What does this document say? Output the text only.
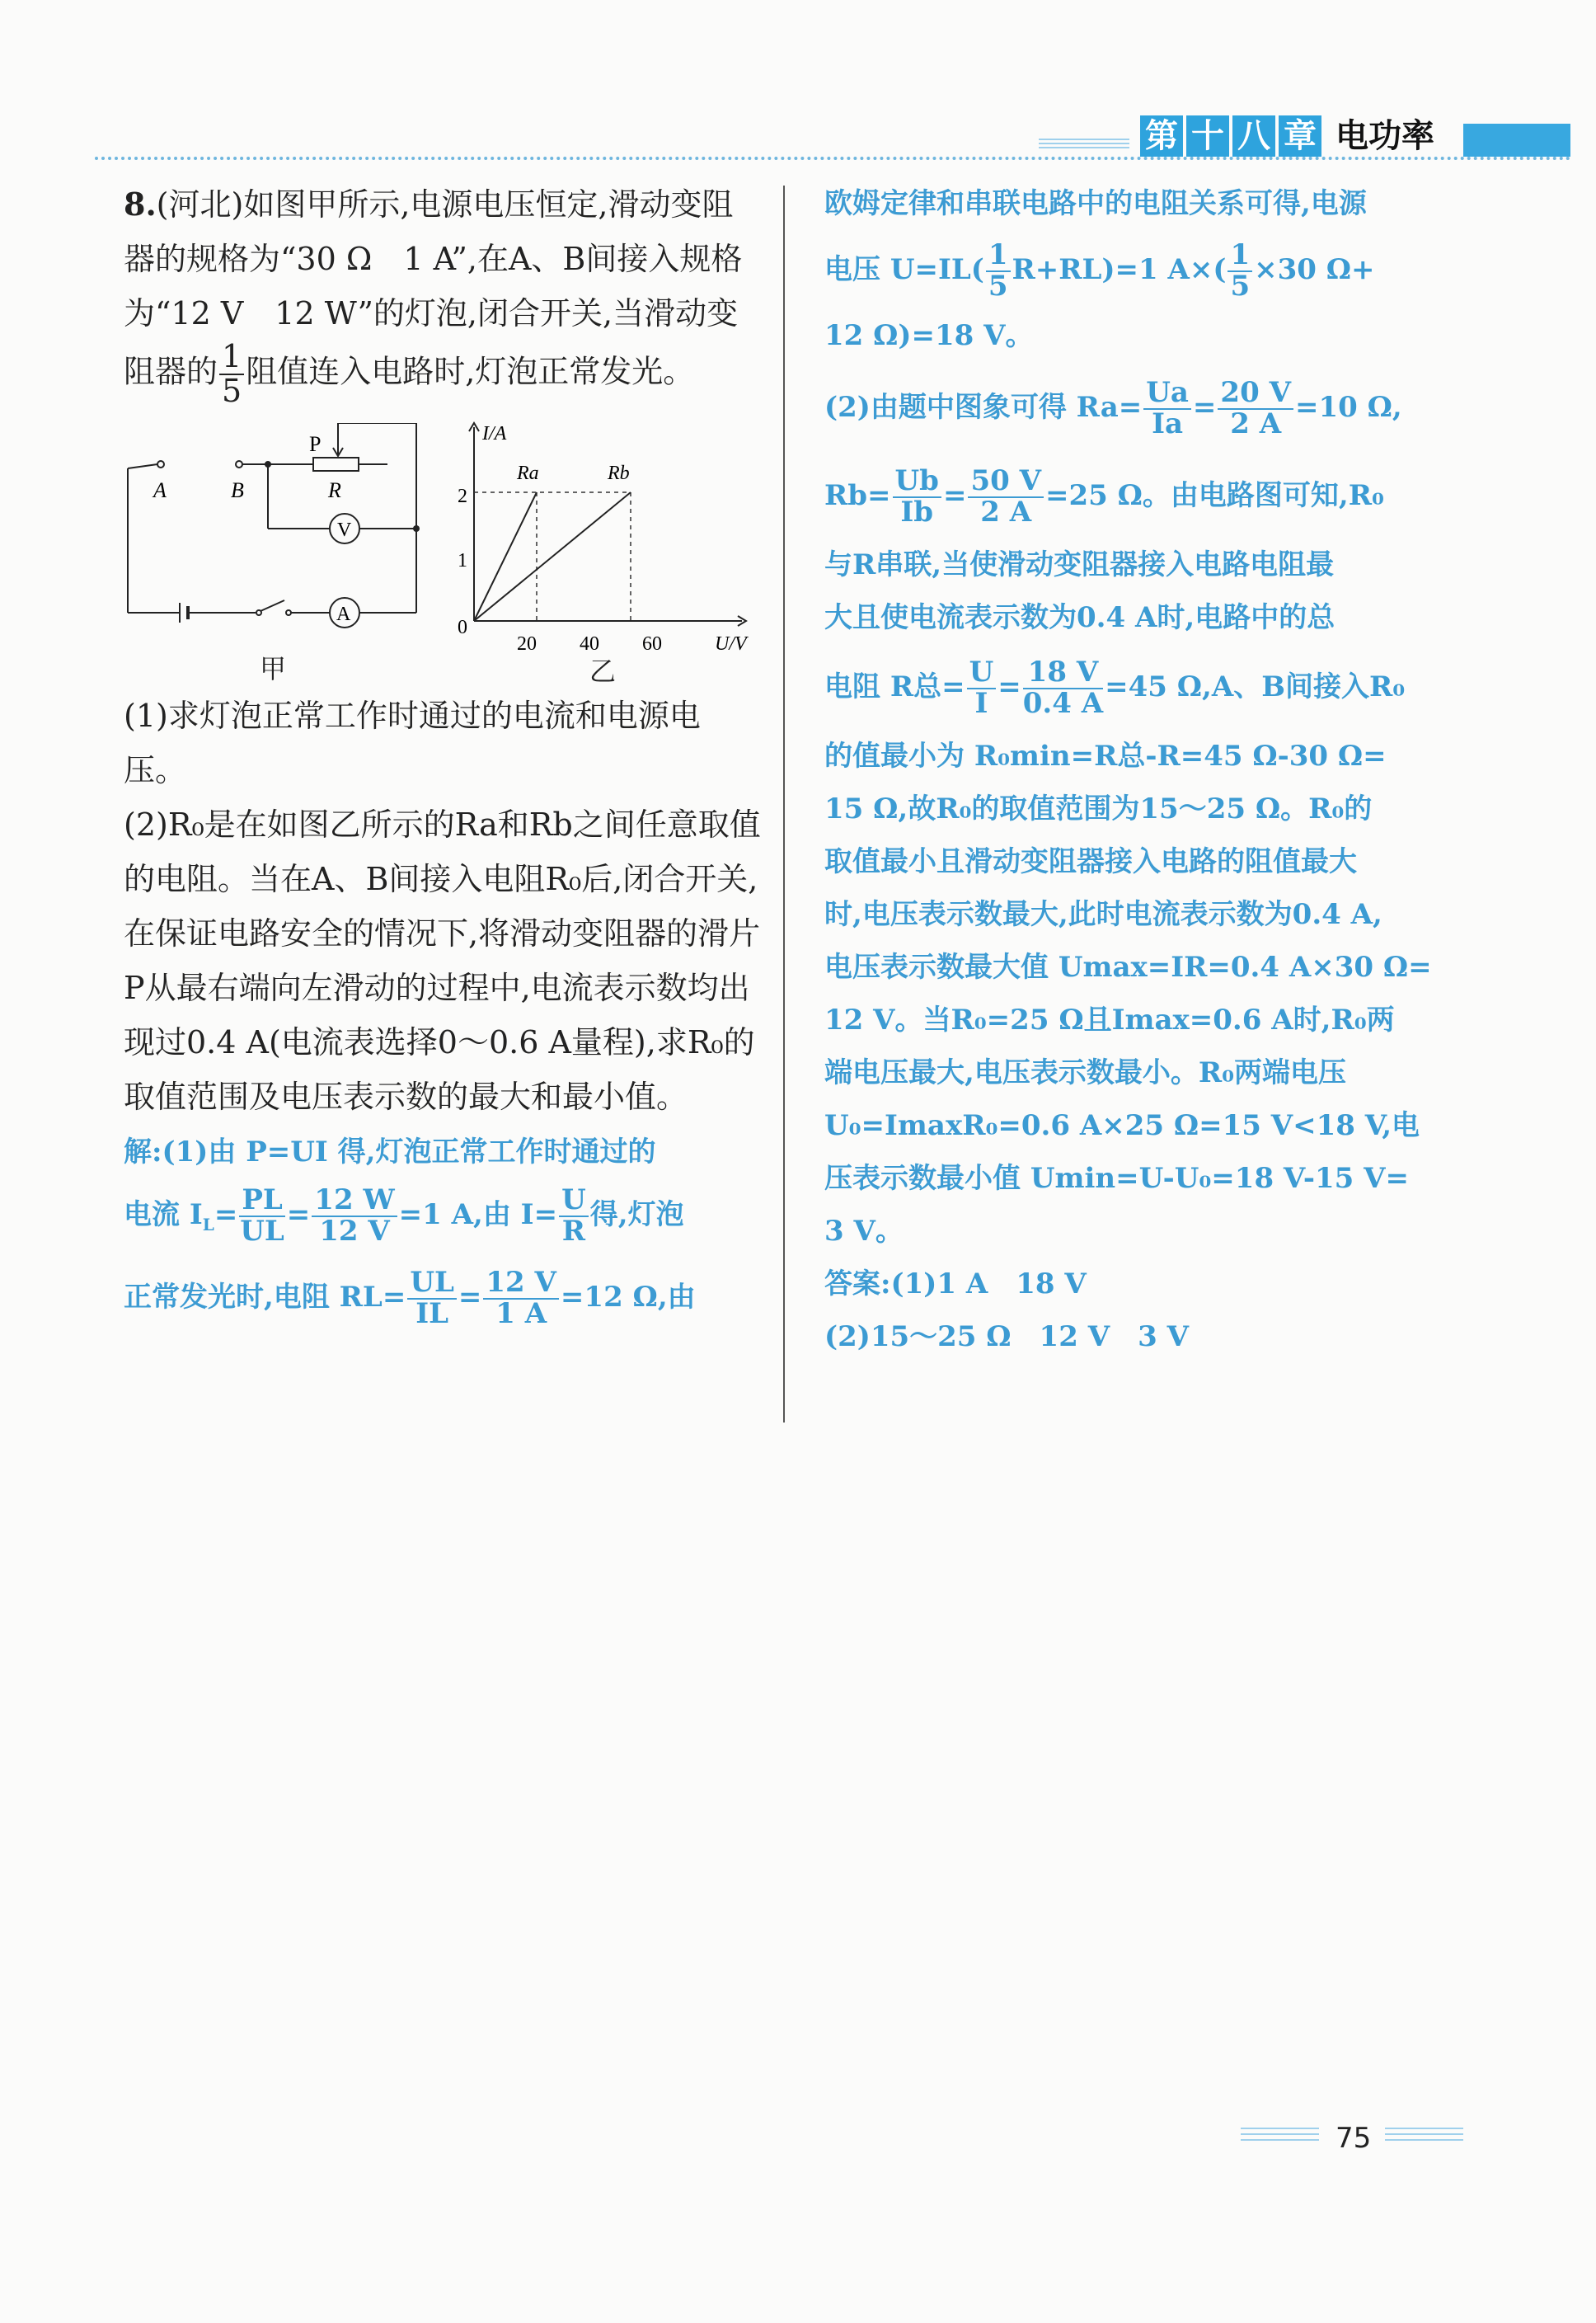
第 十 八 章 电功率

8.(河北)如图甲所示,电源电压恒定,滑动变阻器的规格为“30 Ω　1 A”,在A、B间接入规格为“12 V　12 W”的灯泡,闭合开关,当滑动变阻器的 $\frac{1}{5}$ 阻值连入电路时,灯泡正常发光。

A	B
P
R
V
A
甲
I/A
U/V
0
1
2
20 40 60
Ra	Rb
乙

(1)求灯泡正常工作时通过的电流和电源电压。

(2)R₀是在如图乙所示的Ra和Rb之间任意取值的电阻。当在A、B间接入电阻R₀后,闭合开关,在保证电路安全的情况下,将滑动变阻器的滑片P从最右端向左滑动的过程中,电流表示数均出现过0.4 A(电流表选择0～0.6 A量程),求R₀的取值范围及电压表示数的最大和最小值。

解:(1)由 P=UI 得,灯泡正常工作时通过的

电流 $I_L= \frac{PL}{UL} = \frac{12 W}{12 V} =1$ A,由 $I= \frac{U}{R}$ 得,灯泡

正常发光时,电阻 $RL= \frac{UL}{IL} = \frac{12 V}{1 A} =12$ Ω,由

欧姆定律和串联电路中的电阻关系可得,电源

电压 $U=IL( \frac{1}{5} R+RL)=1$ $A\times( \frac{1}{5} \times 30$ Ω+

12 Ω)=18 V。

(2)由题中图象可得 $Ra= \frac{Ua}{Ia} = \frac{20 V}{2 A} =10$ Ω,

$Rb= \frac{Ub}{Ib} = \frac{50 V}{2 A} =25$ Ω。由电路图可知,R₀

与R串联,当使滑动变阻器接入电路电阻最

大且使电流表示数为0.4 A时,电路中的总

电阻 R总= $\frac{U}{I} = \frac{18 V}{0.4 A} =45$ Ω,A、B间接入R₀

的值最小为 R₀min=R总-R=45 Ω-30 Ω=

15 Ω,故R₀的取值范围为15～25 Ω。R₀的

取值最小且滑动变阻器接入电路的阻值最大

时,电压表示数最大,此时电流表示数为0.4 A,

电压表示数最大值 Umax=IR=0.4 A×30 Ω=

12 V。当R₀=25 Ω且Imax=0.6 A时,R₀两

端电压最大,电压表示数最小。R₀两端电压

U₀=ImaxR₀=0.6 A×25 Ω=15 V<18 V,电

压表示数最小值 Umin=U-U₀=18 V-15 V=

3 V。

答案:(1)1 A　18 V

(2)15～25 Ω　12 V　3 V

75
